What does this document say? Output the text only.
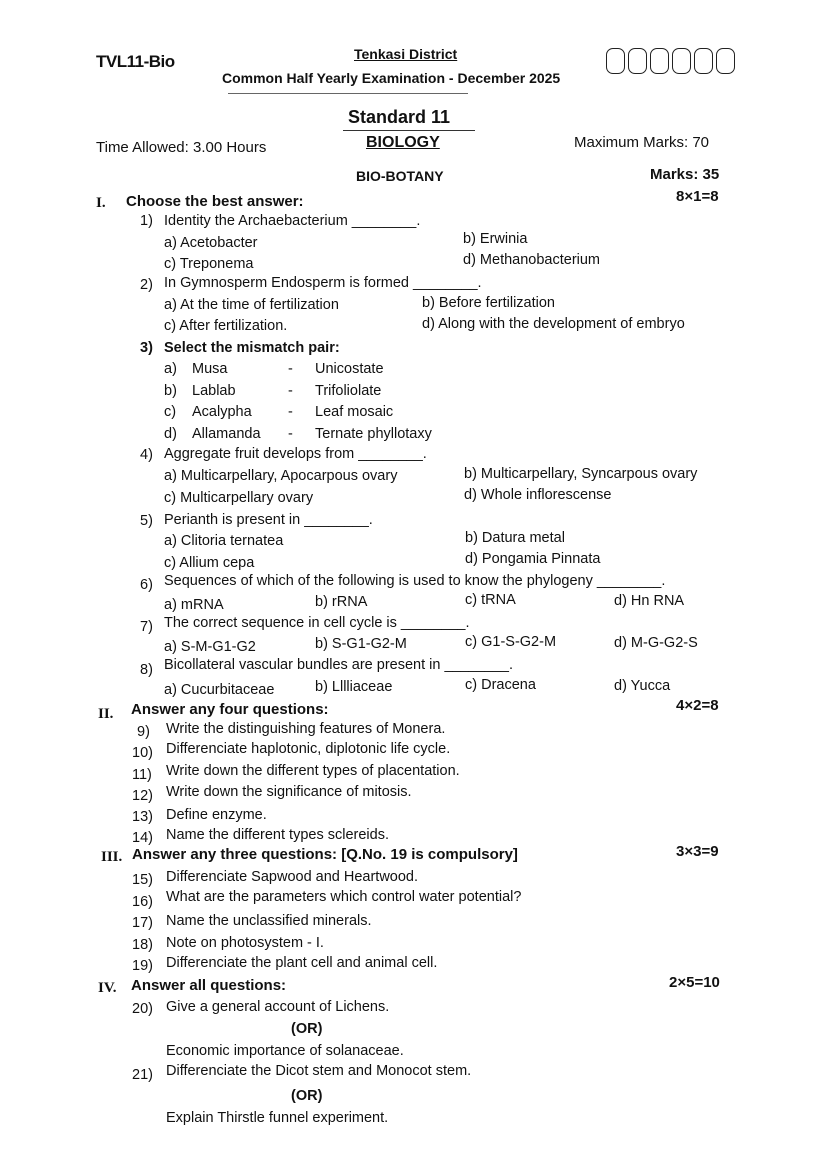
TVL11-Bio	Tenkasi District
Common Half Yearly Examination - December 2025
Standard 11
BIOLOGY
Time Allowed: 3.00 Hours	Maximum Marks: 70
BIO-BOTANY	Marks: 35
I. Choose the best answer:	8×1=8
1) Identity the Archaebacterium ________.
a) Acetobacter	b) Erwinia
c) Treponema	d) Methanobacterium
2) In Gymnosperm Endosperm is formed ________.
a) At the time of fertilization	b) Before fertilization
c) After fertilization.	d) Along with the development of embryo
3) Select the mismatch pair:
a) Musa	- Unicostate
b) Lablab	- Trifoliolate
c) Acalypha	- Leaf mosaic
d) Allamanda - Ternate phyllotaxy
4) Aggregate fruit develops from ________.
a) Multicarpellary, Apocarpous ovary	b) Multicarpellary, Syncarpous ovary
c) Multicarpellary ovary	d) Whole inflorescense
5) Perianth is present in ________.
a) Clitoria ternatea	b) Datura metal
c) Allium cepa	d) Pongamia Pinnata
6) Sequences of which of the following is used to know the phylogeny ________.
a) mRNA	b) rRNA	c) tRNA	d) Hn RNA
7) The correct sequence in cell cycle is ________.
a) S-M-G1-G2	b) S-G1-G2-M	c) G1-S-G2-M	d) M-G-G2-S
8) Bicollateral vascular bundles are present in ________.
a) Cucurbitaceae	b) Lllliaceae	c) Dracena	d) Yucca
II. Answer any four questions:	4×2=8
9) Write the distinguishing features of Monera.
10) Differenciate haplotonic, diplotonic life cycle.
11) Write down the different types of placentation.
12) Write down the significance of mitosis.
13) Define enzyme.
14) Name the different types sclereids.
III. Answer any three questions: [Q.No. 19 is compulsory]	3×3=9
15) Differenciate Sapwood and Heartwood.
16) What are the parameters which control water potential?
17) Name the unclassified minerals.
18) Note on photosystem - I.
19) Differenciate the plant cell and animal cell.
IV. Answer all questions:	2×5=10
20) Give a general account of Lichens.
(OR)
Economic importance of solanaceae.
21) Differenciate the Dicot stem and Monocot stem.
(OR)
Explain Thirstle funnel experiment.
